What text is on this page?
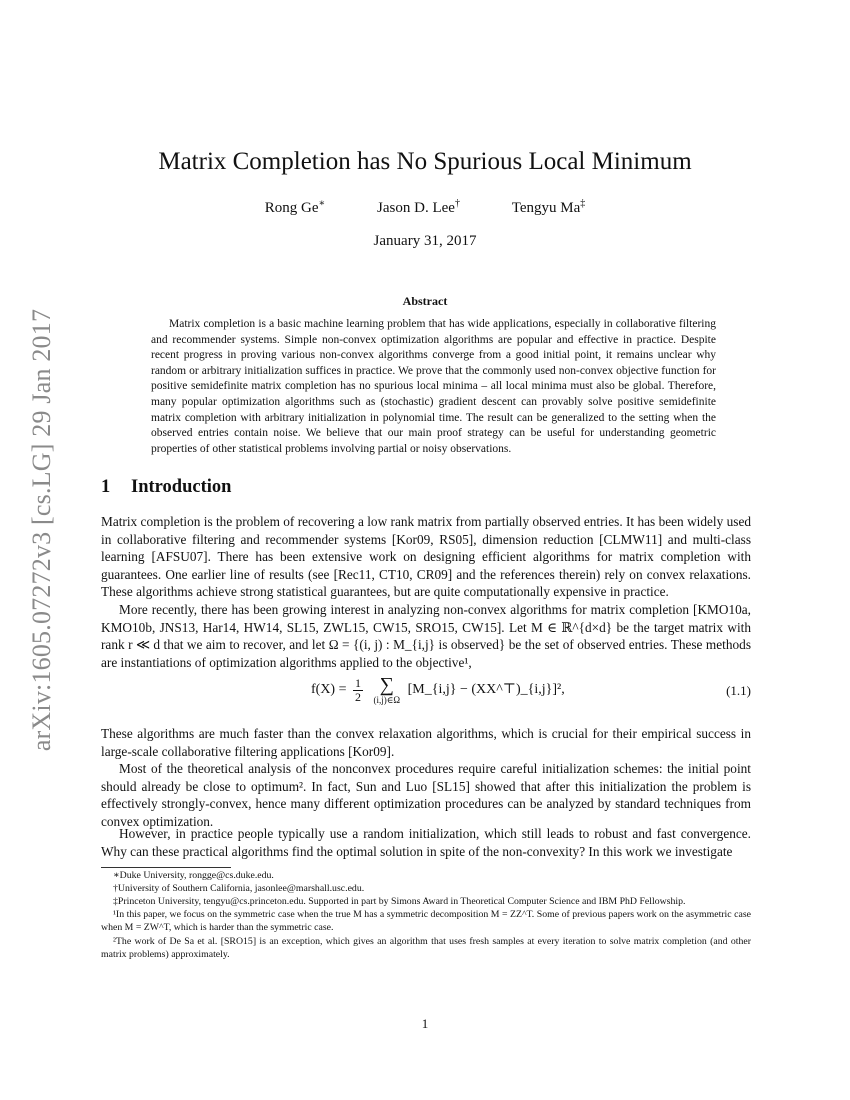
arXiv:1605.07272v3 [cs.LG] 29 Jan 2017
Matrix Completion has No Spurious Local Minimum
Rong Ge∗	Jason D. Lee†	Tengyu Ma‡
January 31, 2017
Abstract

Matrix completion is a basic machine learning problem that has wide applications, especially in collaborative filtering and recommender systems. Simple non-convex optimization algorithms are popular and effective in practice. Despite recent progress in proving various non-convex algorithms converge from a good initial point, it remains unclear why random or arbitrary initialization suffices in practice. We prove that the commonly used non-convex objective function for positive semidefinite matrix completion has no spurious local minima – all local minima must also be global. Therefore, many popular optimization algorithms such as (stochastic) gradient descent can provably solve positive semidefinite matrix completion with arbitrary initialization in polynomial time. The result can be generalized to the setting when the observed entries contain noise. We believe that our main proof strategy can be useful for understanding geometric properties of other statistical problems involving partial or noisy observations.

1 Introduction

Matrix completion is the problem of recovering a low rank matrix from partially observed entries. It has been widely used in collaborative filtering and recommender systems [Kor09, RS05], dimension reduction [CLMW11] and multi-class learning [AFSU07]. There has been extensive work on designing efficient algorithms for matrix completion with guarantees. One earlier line of results (see [Rec11, CT10, CR09] and the references therein) rely on convex relaxations. These algorithms achieve strong statistical guarantees, but are quite computationally expensive in practice.

More recently, there has been growing interest in analyzing non-convex algorithms for matrix completion [KMO10a, KMO10b, JNS13, Har14, HW14, SL15, ZWL15, CW15, SRO15, CW15]. Let M ∈ ℝ^{d×d} be the target matrix with rank r ≪ d that we aim to recover, and let Ω = {(i, j) : M_{i,j} is observed} be the set of observed entries. These methods are instantiations of optimization algorithms applied to the objective¹,

$f(X) = \frac{1}{2}$ ∑
(i,j)∈Ω
[M_{i,j} − (XX^⊤)_{i,j}]²,	(1.1)

These algorithms are much faster than the convex relaxation algorithms, which is crucial for their empirical success in large-scale collaborative filtering applications [Kor09].

Most of the theoretical analysis of the nonconvex procedures require careful initialization schemes: the initial point should already be close to optimum². In fact, Sun and Luo [SL15] showed that after this initialization the problem is effectively strongly-convex, hence many different optimization procedures can be analyzed by standard techniques from convex optimization.

However, in practice people typically use a random initialization, which still leads to robust and fast convergence. Why can these practical algorithms find the optimal solution in spite of the non-convexity? In this work we investigate

∗Duke University, rongge@cs.duke.edu.

†University of Southern California, jasonlee@marshall.usc.edu.

‡Princeton University, tengyu@cs.princeton.edu. Supported in part by Simons Award in Theoretical Computer Science and IBM PhD Fellowship.

¹In this paper, we focus on the symmetric case when the true M has a symmetric decomposition M = ZZ^T. Some of previous papers work on the asymmetric case when M = ZW^T, which is harder than the symmetric case.

²The work of De Sa et al. [SRO15] is an exception, which gives an algorithm that uses fresh samples at every iteration to solve matrix completion (and other matrix problems) approximately.

1
